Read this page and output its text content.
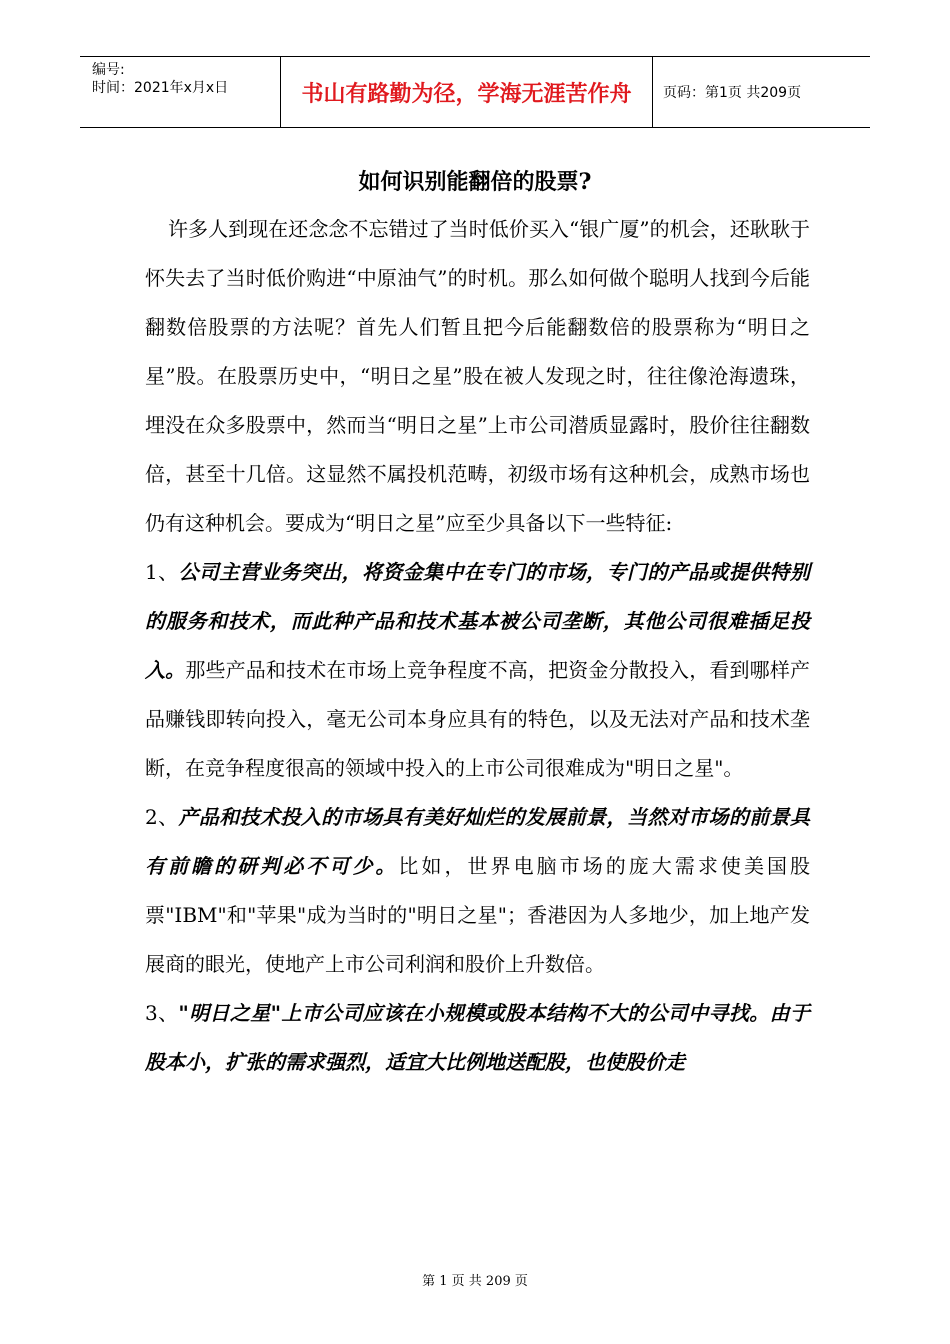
编号:
时间：2021年x月x日	书山有路勤为径，学海无涯苦作舟	页码：第1页 共209页
如何识别能翻倍的股票?

许多人到现在还念念不忘错过了当时低价买入“银广厦”的机会，还耿耿于怀失去了当时低价购进“中原油气”的时机。那么如何做个聪明人找到今后能翻数倍股票的方法呢？首先人们暂且把今后能翻数倍的股票称为“明日之星”股。在股票历史中，“明日之星”股在被人发现之时，往往像沧海遗珠，埋没在众多股票中，然而当“明日之星”上市公司潜质显露时，股价往往翻数倍，甚至十几倍。这显然不属投机范畴，初级市场有这种机会，成熟市场也仍有这种机会。要成为“明日之星”应至少具备以下一些特征:

1、公司主营业务突出，将资金集中在专门的市场，专门的产品或提供特别的服务和技术，而此种产品和技术基本被公司垄断，其他公司很难插足投入。那些产品和技术在市场上竞争程度不高，把资金分散投入，看到哪样产品赚钱即转向投入，毫无公司本身应具有的特色，以及无法对产品和技术垄断，在竞争程度很高的领域中投入的上市公司很难成为"明日之星"。

2、产品和技术投入的市场具有美好灿烂的发展前景，当然对市场的前景具有前瞻的研判必不可少。比如，世界电脑市场的庞大需求使美国股票"IBM"和"苹果"成为当时的"明日之星"；香港因为人多地少，加上地产发展商的眼光，使地产上市公司利润和股价上升数倍。

3、"明日之星"上市公司应该在小规模或股本结构不大的公司中寻找。由于股本小，扩张的需求强烈，适宜大比例地送配股，也使股价走

第 1 页 共 209 页
